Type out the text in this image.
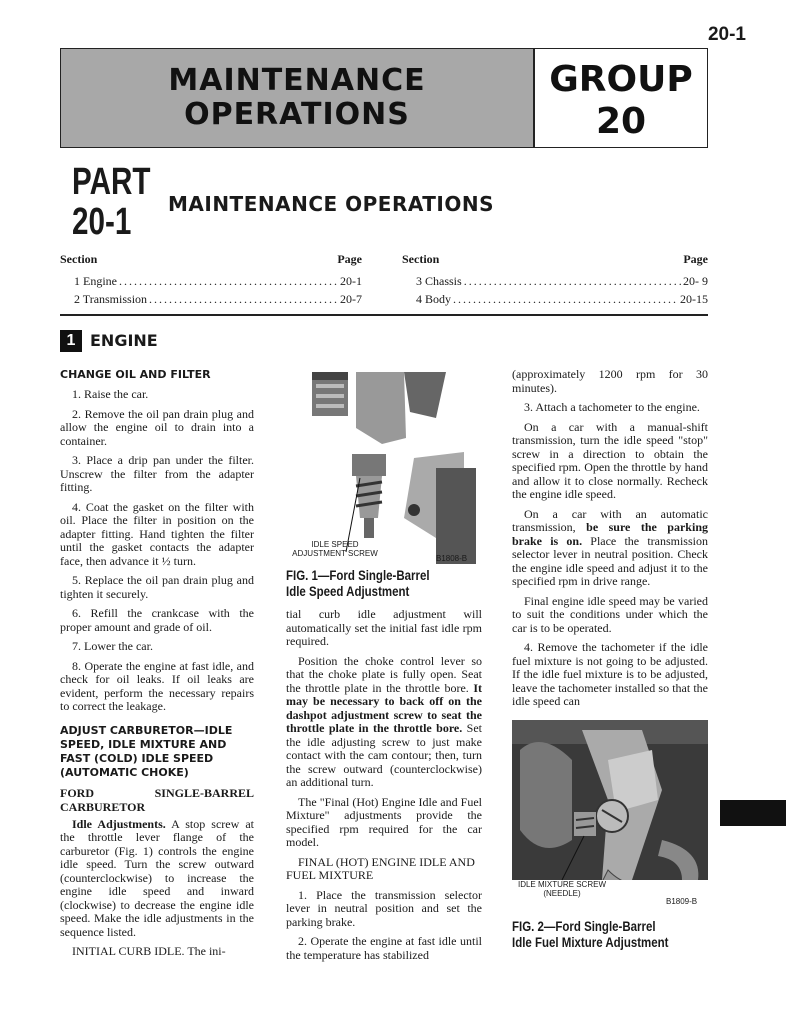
20-1
MAINTENANCE
OPERATIONS
GROUP
20
PART
20-1	MAINTENANCE OPERATIONS
Section	Page
1 Engine .....	20-1
2 Transmission .....	20-7
Section	Page
3 Chassis .....	20- 9
4 Body .....	20-15
1 ENGINE
CHANGE OIL AND FILTER

1. Raise the car.

2. Remove the oil pan drain plug and allow the engine oil to drain into a container.

3. Place a drip pan under the filter. Unscrew the filter from the adapter fitting.

4. Coat the gasket on the filter with oil. Place the filter in position on the adapter fitting. Hand tighten the filter until the gasket contacts the adapter face, then advance it ½ turn.

5. Replace the oil pan drain plug and tighten it securely.

6. Refill the crankcase with the proper amount and grade of oil.

7. Lower the car.

8. Operate the engine at fast idle, and check for oil leaks. If oil leaks are evident, perform the necessary repairs to correct the leakage.

ADJUST CARBURETOR—IDLE SPEED, IDLE MIXTURE AND FAST (COLD) IDLE SPEED (AUTOMATIC CHOKE)
FORD SINGLE-BARREL CARBURETOR

Idle Adjustments. A stop screw at the throttle lever flange of the carburetor (Fig. 1) controls the engine idle speed. Turn the screw outward (counterclockwise) to increase the engine idle speed and inward (clockwise) to decrease the engine idle speed. Make the idle adjustments in the sequence listed.

INITIAL CURB IDLE. The ini-

IDLE SPEED ADJUSTMENT SCREW
B1808-B
FIG. 1—Ford Single-Barrel
Idle Speed Adjustment

tial curb idle adjustment will automatically set the initial fast idle rpm required.

Position the choke control lever so that the choke plate is fully open. Seat the throttle plate in the throttle bore. It may be necessary to back off on the dashpot adjustment screw to seat the throttle plate in the throttle bore. Set the idle adjusting screw to just make contact with the cam contour; then, turn the screw outward (counterclockwise) an additional turn.

The "Final (Hot) Engine Idle and Fuel Mixture" adjustments provide the specified rpm required for the car model.

FINAL (HOT) ENGINE IDLE AND FUEL MIXTURE

1. Place the transmission selector lever in neutral position and set the parking brake.

2. Operate the engine at fast idle until the temperature has stabilized

(approximately 1200 rpm for 30 minutes).

3. Attach a tachometer to the engine.

On a car with a manual-shift transmission, turn the idle speed "stop" screw in a direction to obtain the specified rpm. Open the throttle by hand and allow it to close normally. Recheck the engine idle speed.

On a car with an automatic transmission, be sure the parking brake is on. Place the transmission selector lever in neutral position. Check the engine idle speed and adjust it to the specified rpm in drive range.

Final engine idle speed may be varied to suit the conditions under which the car is to be operated.

4. Remove the tachometer if the idle fuel mixture is not going to be adjusted. If the idle fuel mixture is to be adjusted, leave the tachometer installed so that the idle speed can

IDLE MIXTURE SCREW
(NEEDLE)
B1809-B
FIG. 2—Ford Single-Barrel
Idle Fuel Mixture Adjustment
